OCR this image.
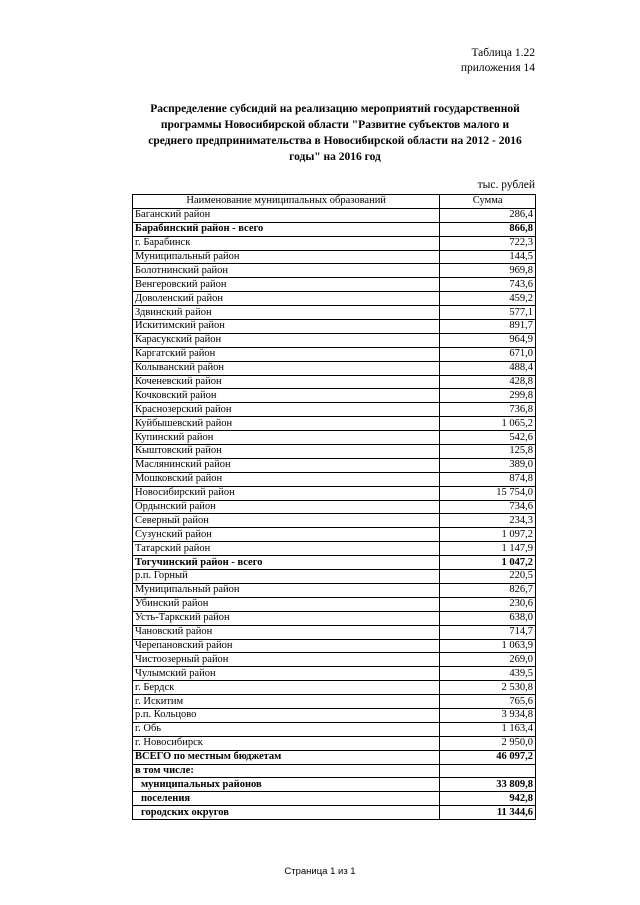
Таблица 1.22
приложения 14
Распределение субсидий на реализацию мероприятий государственной
программы Новосибирской области "Развитие субъектов малого и
среднего предпринимательства в Новосибирской области на 2012 - 2016
годы" на 2016 год
тыс. рублей
Наименование муниципальных образований	Сумма
Баганский район	286,4
Барабинский район - всего	866,8
г. Барабинск	722,3
Муниципальный район	144,5
Болотнинский район	969,8
Венгеровский район	743,6
Доволенский район	459,2
Здвинский район	577,1
Искитимский район	891,7
Карасукский район	964,9
Каргатский район	671,0
Колыванский район	488,4
Коченевский район	428,8
Кочковский район	299,8
Краснозерский район	736,8
Куйбышевский район	1 065,2
Купинский район	542,6
Кыштовский район	125,8
Маслянинский район	389,0
Мошковский район	874,8
Новосибирский район	15 754,0
Ордынский район	734,6
Северный район	234,3
Сузунский район	1 097,2
Татарский район	1 147,9
Тогучинский район - всего	1 047,2
р.п. Горный	220,5
Муниципальный район	826,7
Убинский район	230,6
Усть-Таркский район	638,0
Чановский район	714,7
Черепановский район	1 063,9
Чистоозерный район	269,0
Чулымский район	439,5
г. Бердск	2 530,8
г. Искитим	765,6
р.п. Кольцово	3 934,8
г. Обь	1 163,4
г. Новосибирск	2 950,0
ВСЕГО по местным бюджетам	46 097,2
в том числе:	
муниципальных районов	33 809,8
поселения	942,8
городских округов	11 344,6
Страница 1 из 1
